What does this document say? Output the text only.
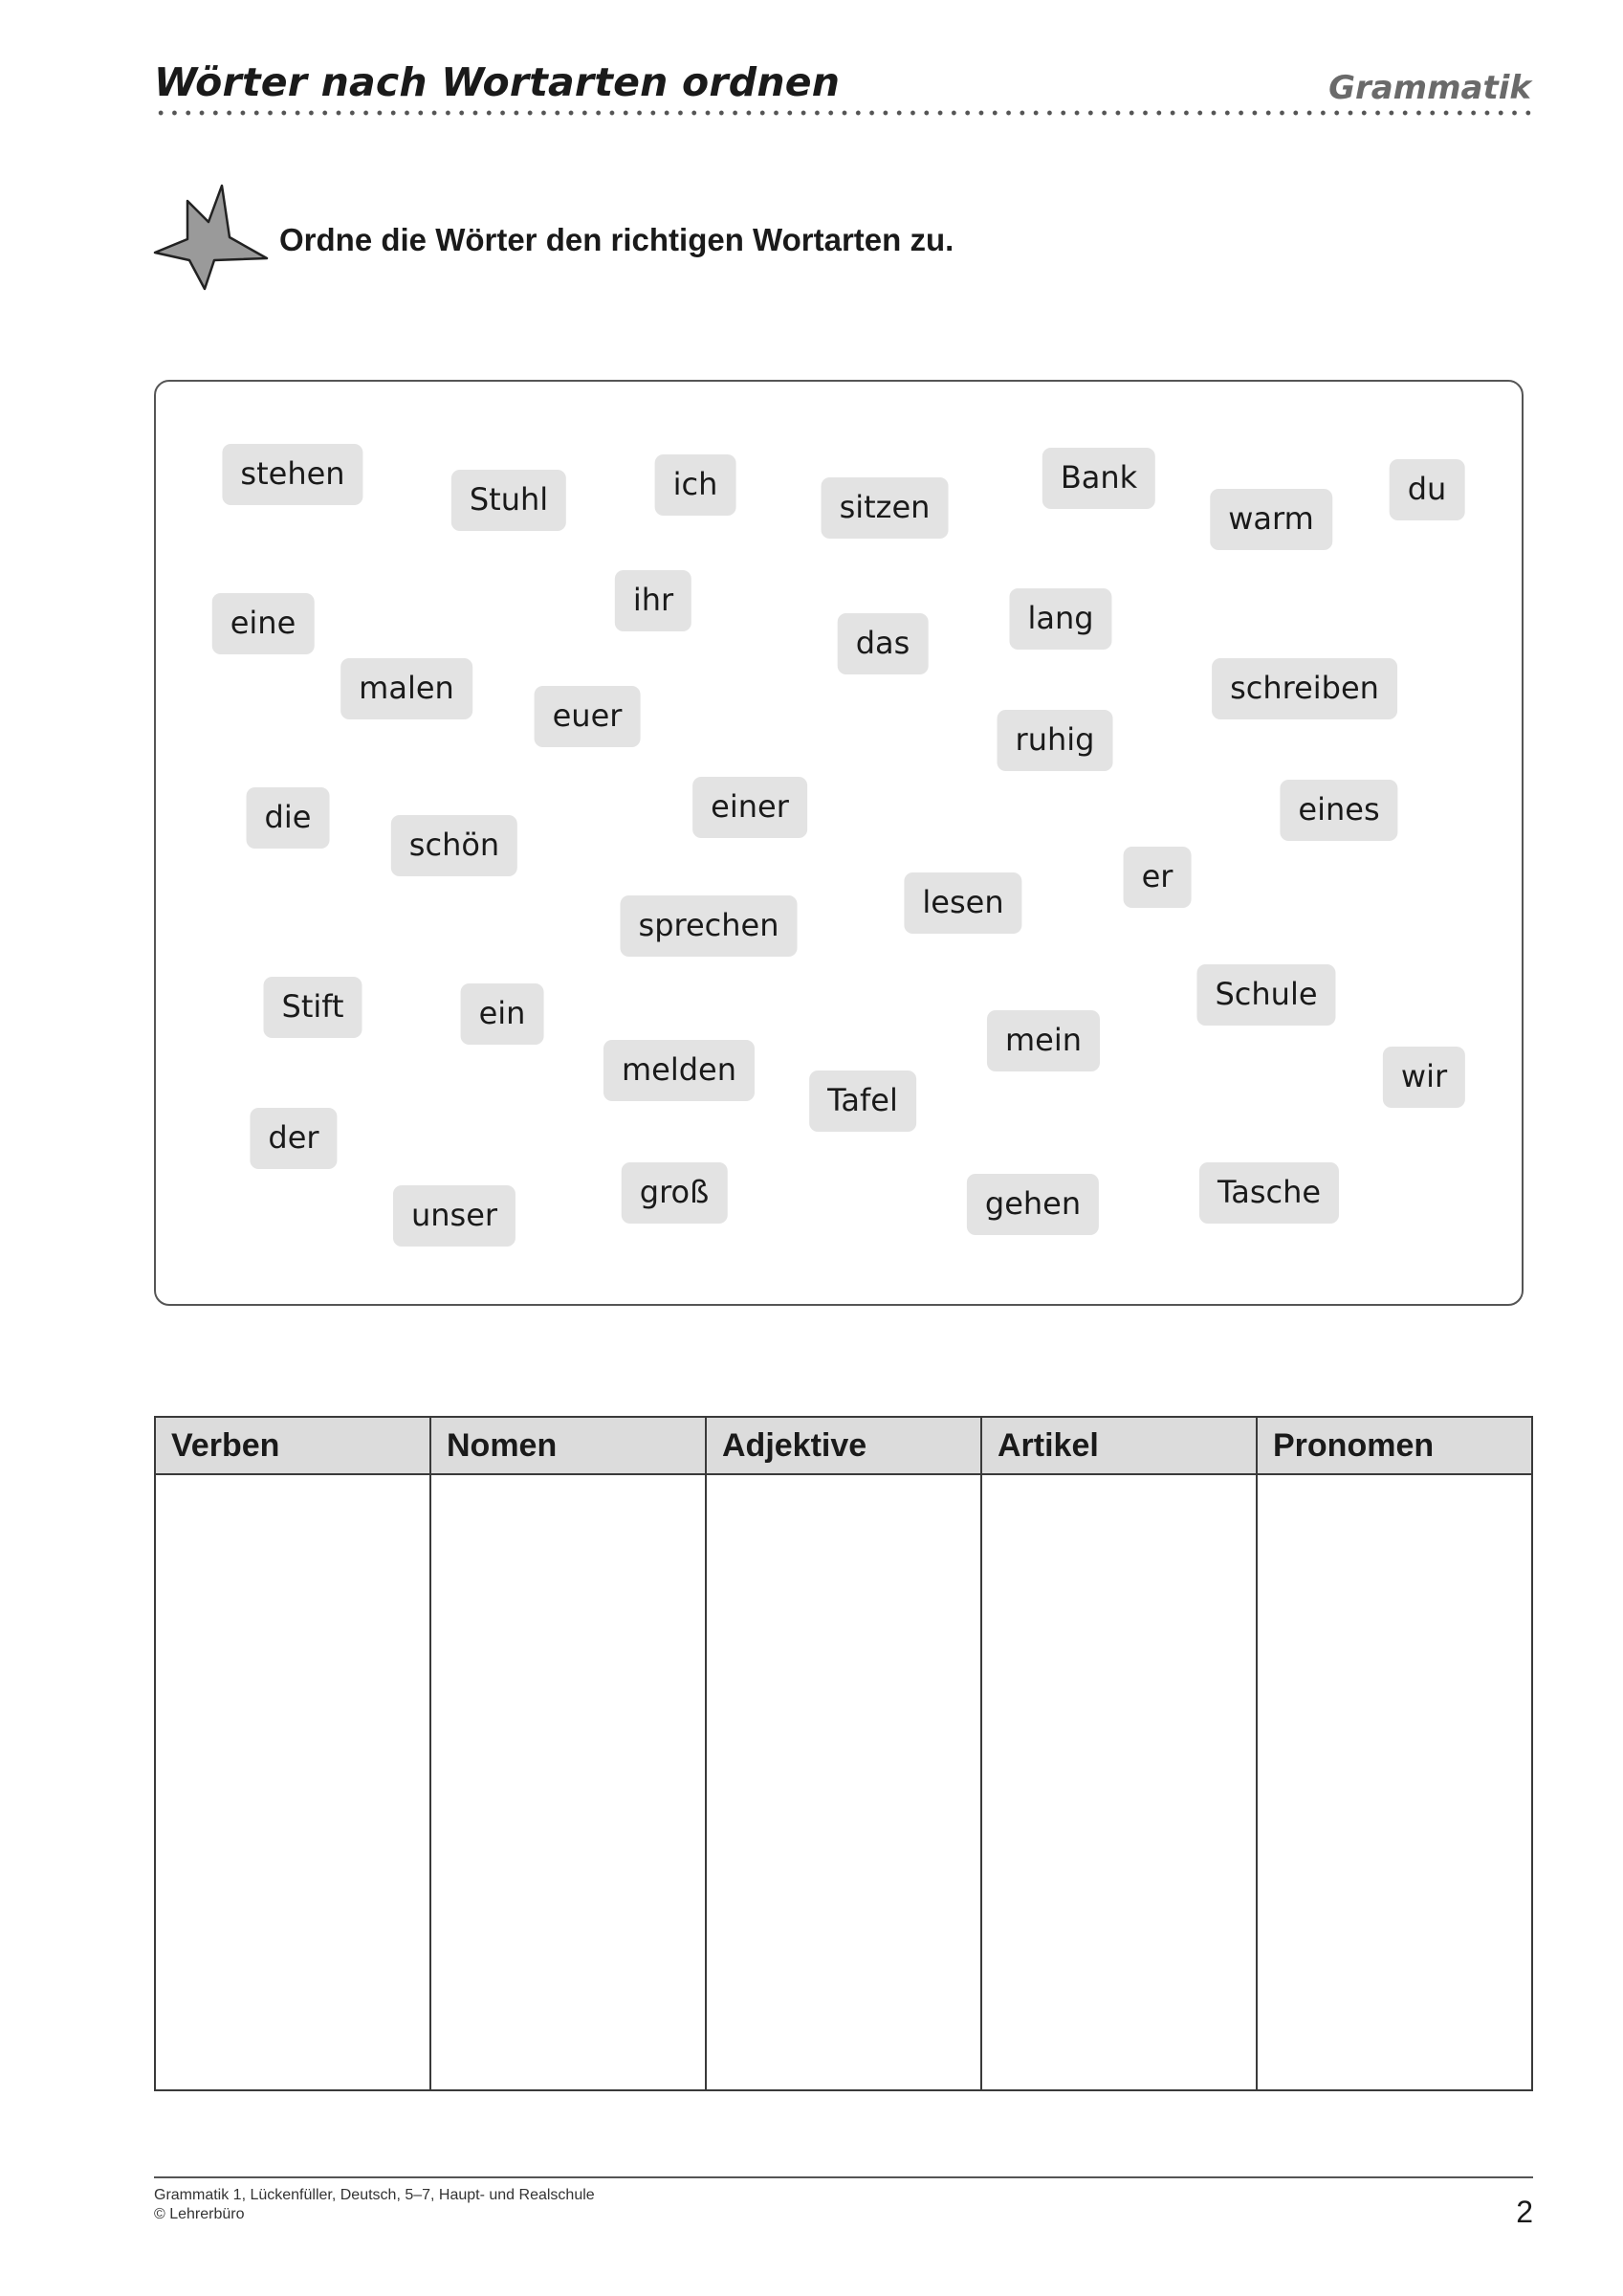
Wörter nach Wortarten ordnen	Grammatik
Ordne die Wörter den richtigen Wortarten zu.
stehen
Stuhl	ich
sitzen
Bank
warm
du
eine
ihr
das
lang
malen
euer
schreiben
ruhig
die
schön
einer	eines
lesen
er
sprechen
Stift	ein
Schule
mein
melden
Tafel
wir
der
unser
groß	gehen	Tasche
Verben	Nomen	Adjektive	Artikel	Pronomen

Grammatik 1, Lückenfüller, Deutsch, 5–7, Haupt- und Realschule
© Lehrerbüro	2
